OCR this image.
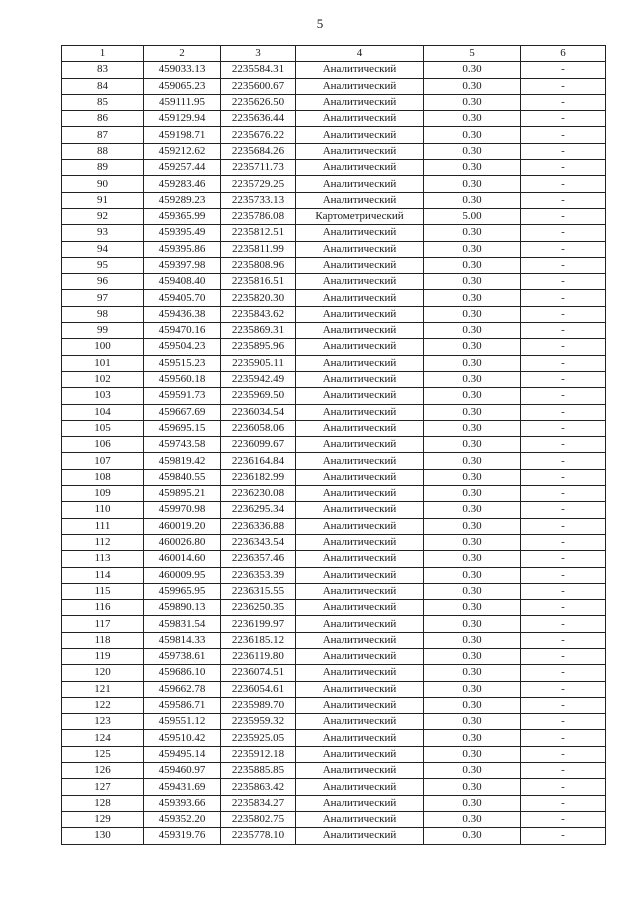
5
1	2	3	4	5	6
83	459033.13	2235584.31	Аналитический	0.30	-
84	459065.23	2235600.67	Аналитический	0.30	-
85	459111.95	2235626.50	Аналитический	0.30	-
86	459129.94	2235636.44	Аналитический	0.30	-
87	459198.71	2235676.22	Аналитический	0.30	-
88	459212.62	2235684.26	Аналитический	0.30	-
89	459257.44	2235711.73	Аналитический	0.30	-
90	459283.46	2235729.25	Аналитический	0.30	-
91	459289.23	2235733.13	Аналитический	0.30	-
92	459365.99	2235786.08	Картометрический	5.00	-
93	459395.49	2235812.51	Аналитический	0.30	-
94	459395.86	2235811.99	Аналитический	0.30	-
95	459397.98	2235808.96	Аналитический	0.30	-
96	459408.40	2235816.51	Аналитический	0.30	-
97	459405.70	2235820.30	Аналитический	0.30	-
98	459436.38	2235843.62	Аналитический	0.30	-
99	459470.16	2235869.31	Аналитический	0.30	-
100	459504.23	2235895.96	Аналитический	0.30	-
101	459515.23	2235905.11	Аналитический	0.30	-
102	459560.18	2235942.49	Аналитический	0.30	-
103	459591.73	2235969.50	Аналитический	0.30	-
104	459667.69	2236034.54	Аналитический	0.30	-
105	459695.15	2236058.06	Аналитический	0.30	-
106	459743.58	2236099.67	Аналитический	0.30	-
107	459819.42	2236164.84	Аналитический	0.30	-
108	459840.55	2236182.99	Аналитический	0.30	-
109	459895.21	2236230.08	Аналитический	0.30	-
110	459970.98	2236295.34	Аналитический	0.30	-
111	460019.20	2236336.88	Аналитический	0.30	-
112	460026.80	2236343.54	Аналитический	0.30	-
113	460014.60	2236357.46	Аналитический	0.30	-
114	460009.95	2236353.39	Аналитический	0.30	-
115	459965.95	2236315.55	Аналитический	0.30	-
116	459890.13	2236250.35	Аналитический	0.30	-
117	459831.54	2236199.97	Аналитический	0.30	-
118	459814.33	2236185.12	Аналитический	0.30	-
119	459738.61	2236119.80	Аналитический	0.30	-
120	459686.10	2236074.51	Аналитический	0.30	-
121	459662.78	2236054.61	Аналитический	0.30	-
122	459586.71	2235989.70	Аналитический	0.30	-
123	459551.12	2235959.32	Аналитический	0.30	-
124	459510.42	2235925.05	Аналитический	0.30	-
125	459495.14	2235912.18	Аналитический	0.30	-
126	459460.97	2235885.85	Аналитический	0.30	-
127	459431.69	2235863.42	Аналитический	0.30	-
128	459393.66	2235834.27	Аналитический	0.30	-
129	459352.20	2235802.75	Аналитический	0.30	-
130	459319.76	2235778.10	Аналитический	0.30	-
